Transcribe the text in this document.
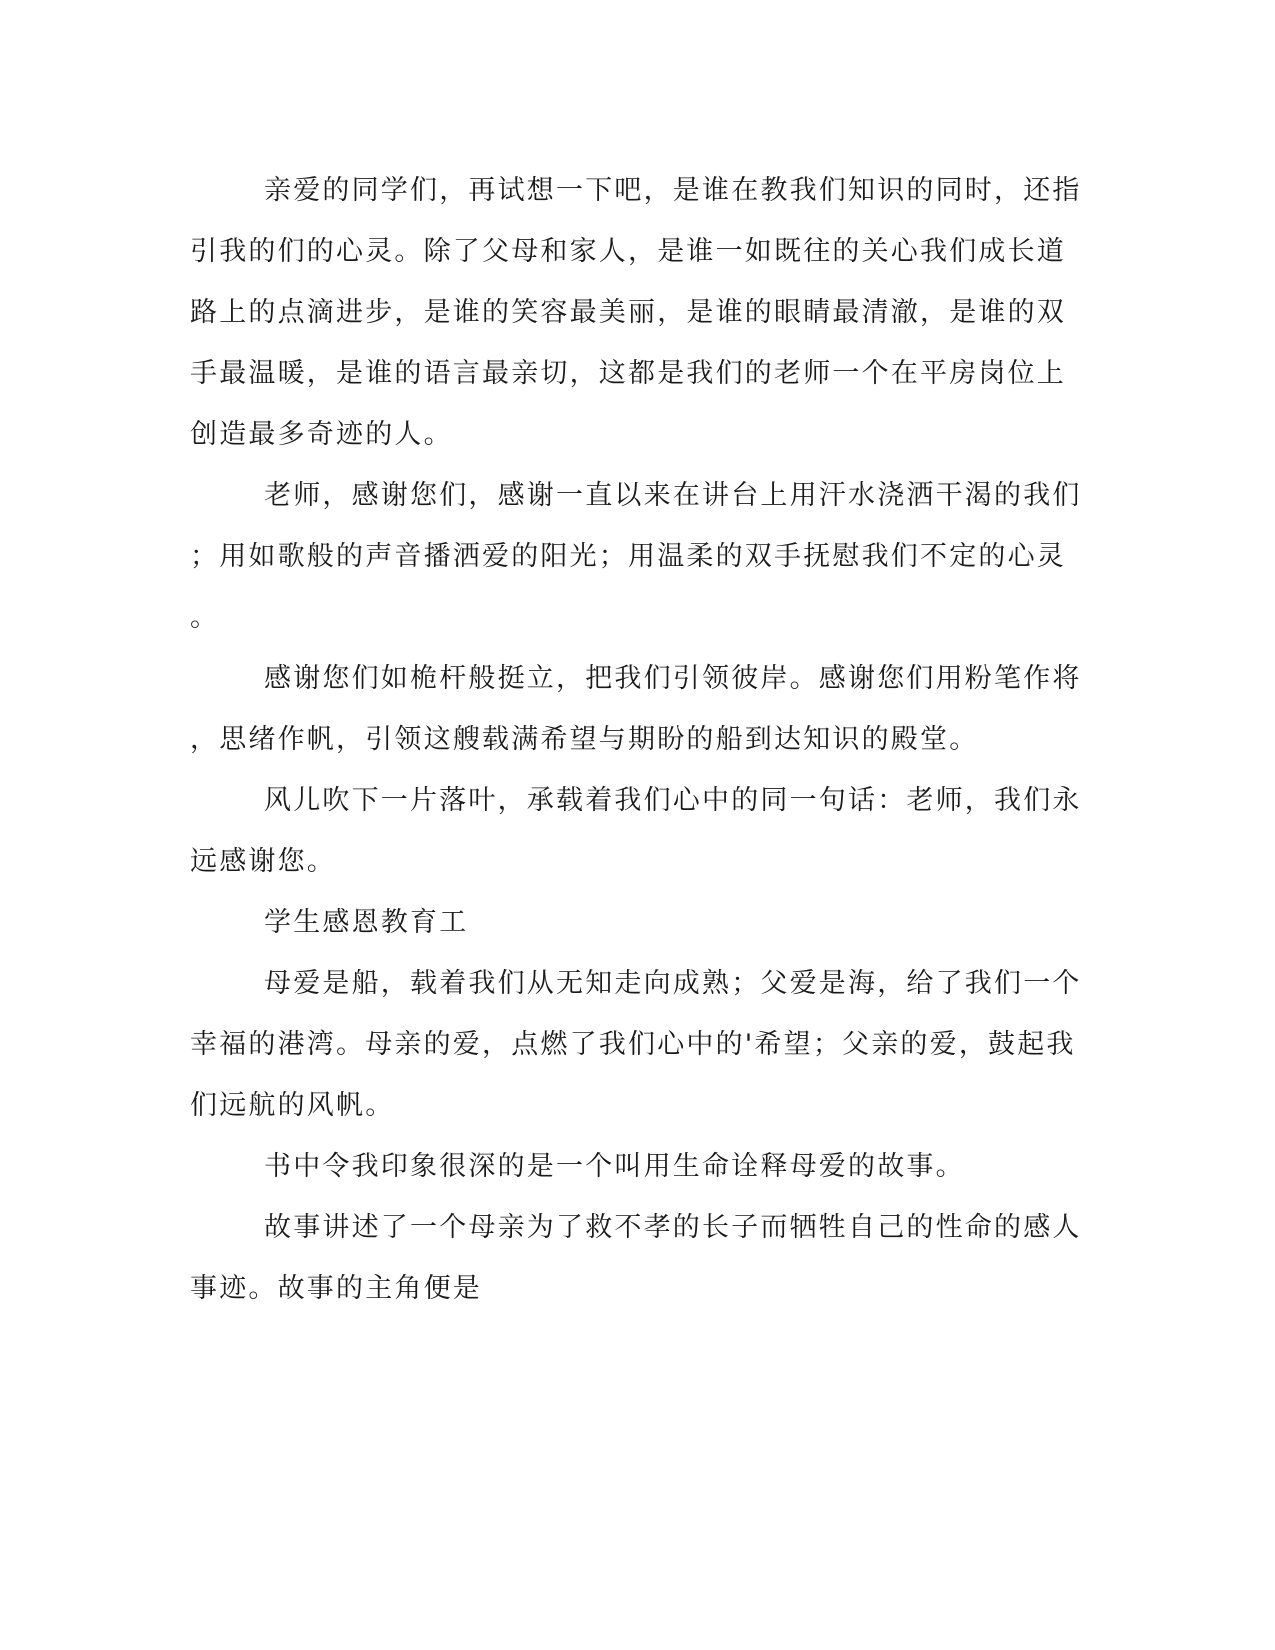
亲爱的同学们，再试想一下吧，是谁在教我们知识的同时，还指
引我的们的心灵。除了父母和家人，是谁一如既往的关心我们成长道
路上的点滴进步，是谁的笑容最美丽，是谁的眼睛最清澈，是谁的双
手最温暖，是谁的语言最亲切，这都是我们的老师一个在平房岗位上
创造最多奇迹的人。
老师，感谢您们，感谢一直以来在讲台上用汗水浇洒干渴的我们
；用如歌般的声音播洒爱的阳光；用温柔的双手抚慰我们不定的心灵
。
感谢您们如桅杆般挺立，把我们引领彼岸。感谢您们用粉笔作将
，思绪作帆，引领这艘载满希望与期盼的船到达知识的殿堂。
风儿吹下一片落叶，承载着我们心中的同一句话：老师，我们永
远感谢您。
学生感恩教育工
母爱是船，载着我们从无知走向成熟；父爱是海，给了我们一个
幸福的港湾。母亲的爱，点燃了我们心中的'希望；父亲的爱，鼓起我
们远航的风帆。
书中令我印象很深的是一个叫用生命诠释母爱的故事。
故事讲述了一个母亲为了救不孝的长子而牺牲自己的性命的感人
事迹。故事的主角便是
